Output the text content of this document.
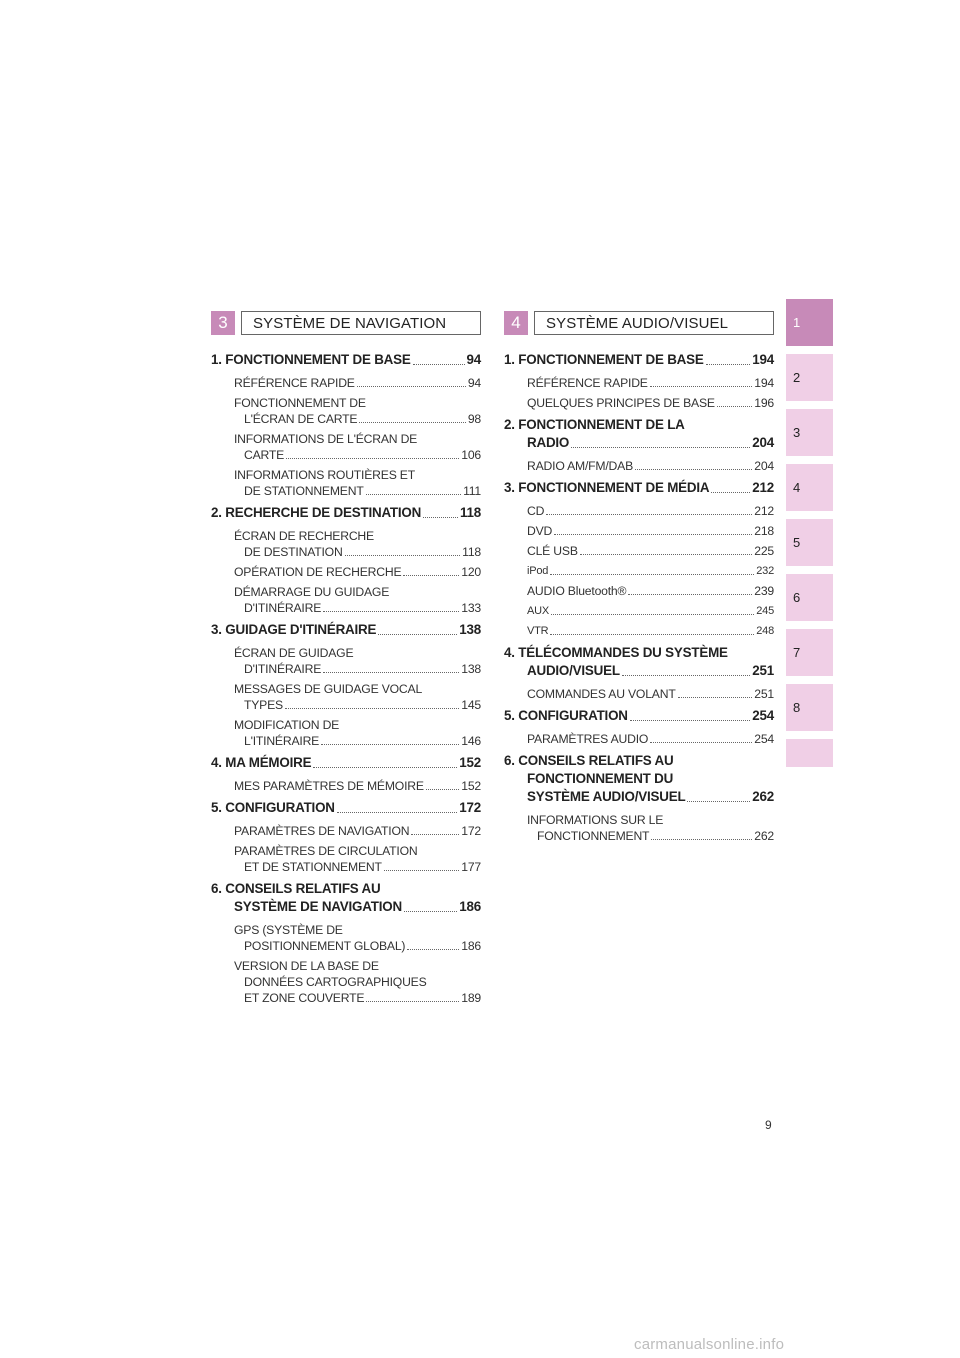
3	SYSTÈME DE NAVIGATION
1. FONCTIONNEMENT DE BASE	94
RÉFÉRENCE RAPIDE	94
FONCTIONNEMENT DE
L'ÉCRAN DE CARTE	98
INFORMATIONS DE L'ÉCRAN DE
CARTE	106
INFORMATIONS ROUTIÈRES ET
DE STATIONNEMENT	111
2. RECHERCHE DE DESTINATION	118
ÉCRAN DE RECHERCHE
DE DESTINATION	118
OPÉRATION DE RECHERCHE	120
DÉMARRAGE DU GUIDAGE
D'ITINÉRAIRE	133
3. GUIDAGE D'ITINÉRAIRE	138
ÉCRAN DE GUIDAGE
D'ITINÉRAIRE	138
MESSAGES DE GUIDAGE VOCAL
TYPES	145
MODIFICATION DE
L'ITINÉRAIRE	146
4. MA MÉMOIRE	152
MES PARAMÈTRES DE MÉMOIRE	152
5. CONFIGURATION	172
PARAMÈTRES DE NAVIGATION	172
PARAMÈTRES DE CIRCULATION
ET DE STATIONNEMENT	177
6. CONSEILS RELATIFS AU
SYSTÈME DE NAVIGATION	186
GPS (SYSTÈME DE
POSITIONNEMENT GLOBAL)	186
VERSION DE LA BASE DE
DONNÉES CARTOGRAPHIQUES
ET ZONE COUVERTE	189
4	SYSTÈME AUDIO/VISUEL
1. FONCTIONNEMENT DE BASE	194
RÉFÉRENCE RAPIDE	194
QUELQUES PRINCIPES DE BASE	196
2. FONCTIONNEMENT DE LA
RADIO	204
RADIO AM/FM/DAB	204
3. FONCTIONNEMENT DE MÉDIA	212
CD	212
DVD	218
CLÉ USB	225
iPod	232
AUDIO Bluetooth®	239
AUX	245
VTR	248
4. TÉLÉCOMMANDES DU SYSTÈME
AUDIO/VISUEL	251
COMMANDES AU VOLANT	251
5. CONFIGURATION	254
PARAMÈTRES AUDIO	254
6. CONSEILS RELATIFS AU
FONCTIONNEMENT DU
SYSTÈME AUDIO/VISUEL	262
INFORMATIONS SUR LE
FONCTIONNEMENT	262
1
2
3
4
5
6
7
8
9
carmanualsonline.info
